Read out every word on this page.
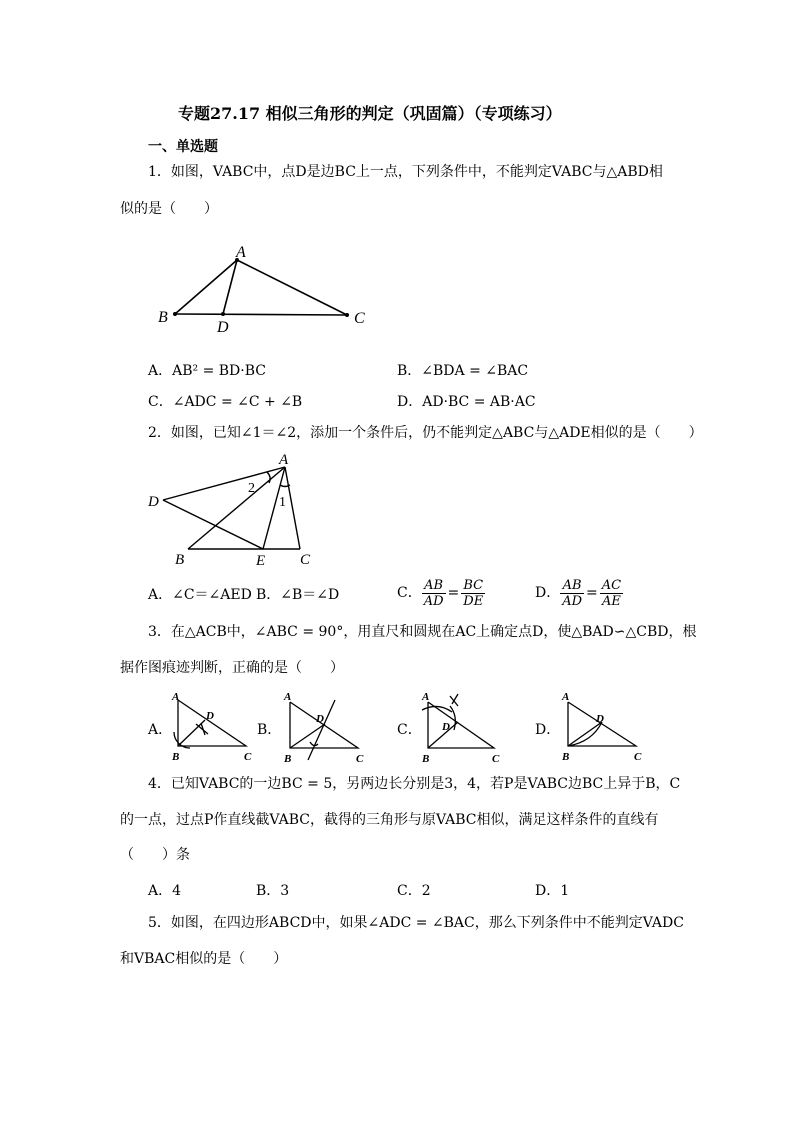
专题27.17 相似三角形的判定（巩固篇）（专项练习）
一、单选题
1．如图，VABC中，点D是边BC上一点，下列条件中，不能判定VABC与△ABD相
似的是（　　）
A
B	C
D
A．AB² = BD·BC	B．∠BDA = ∠BAC
C．∠ADC = ∠C + ∠B	D．AD·BC = AB·AC
2．如图，已知∠1＝∠2，添加一个条件后，仍不能判定△ABC与△ADE相似的是（　　）
A
D
B	E C
1
2
A．∠C＝∠AED B．∠B＝∠D	C． $\frac{AB}{AD} = \frac{BC}{DE}$	D． $\frac{AB}{AD} = \frac{AC}{AE}$
3．在△ACB中，∠ABC = 90°，用直尺和圆规在AC上确定点D，使△BAD∽△CBD，根
据作图痕迹判断，正确的是（　　）
A．
A
B	C
D
B．
A
B	C
D
C．
A
B	C
D	D．
A
B	C
D
4．已知VABC的一边BC = 5，另两边长分别是3，4，若P是VABC边BC上异于B，C
的一点，过点P作直线截VABC，截得的三角形与原VABC相似，满足这样条件的直线有
（　　）条
A．4	B．3	C．2	D．1
5．如图，在四边形ABCD中，如果∠ADC = ∠BAC，那么下列条件中不能判定VADC
和VBAC相似的是（　　）
